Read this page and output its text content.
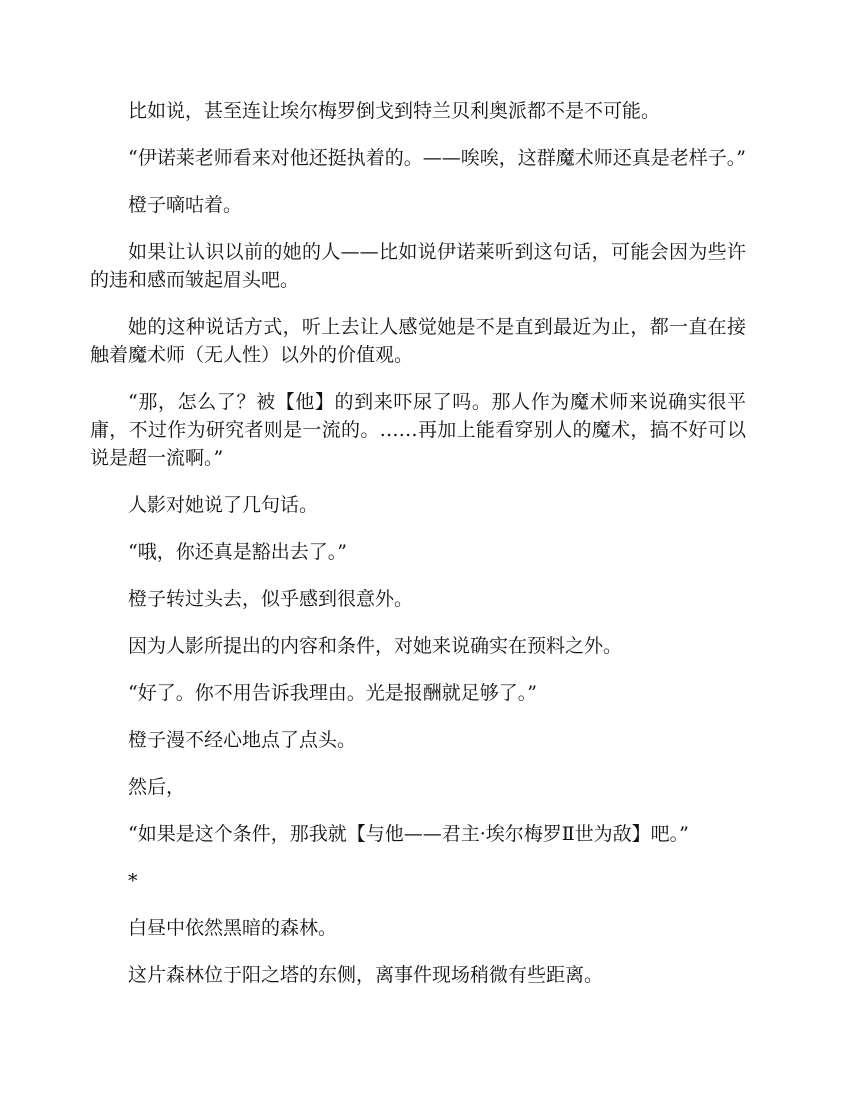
比如说，甚至连让埃尔梅罗倒戈到特兰贝利奥派都不是不可能。

“伊诺莱老师看来对他还挺执着的。——唉唉，这群魔术师还真是老样子。”

橙子嘀咕着。

如果让认识以前的她的人——比如说伊诺莱听到这句话，可能会因为些许的违和感而皱起眉头吧。

她的这种说话方式，听上去让人感觉她是不是直到最近为止，都一直在接触着魔术师（无人性）以外的价值观。

“那，怎么了？被【他】的到来吓尿了吗。那人作为魔术师来说确实很平庸，不过作为研究者则是一流的。……再加上能看穿别人的魔术，搞不好可以说是超一流啊。”

人影对她说了几句话。

“哦，你还真是豁出去了。”

橙子转过头去，似乎感到很意外。

因为人影所提出的内容和条件，对她来说确实在预料之外。

“好了。你不用告诉我理由。光是报酬就足够了。”

橙子漫不经心地点了点头。

然后，

“如果是这个条件，那我就【与他——君主·埃尔梅罗Ⅱ世为敌】吧。”

*

白昼中依然黑暗的森林。

这片森林位于阳之塔的东侧，离事件现场稍微有些距离。
